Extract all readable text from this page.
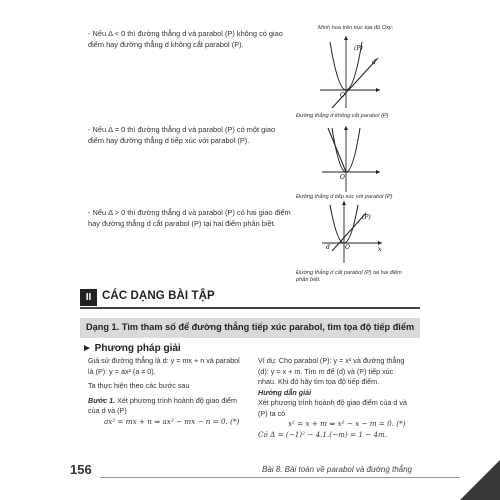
- Nếu Δ < 0 thì đường thẳng d và parabol (P) không có giao
điểm hay đường thẳng d không cắt parabol (P).
- Nếu Δ = 0 thì đường thẳng d và parabol (P) có một giao
điểm hay đường thẳng d tiếp xúc với parabol (P).
- Nếu Δ > 0 thì đường thẳng d và parabol (P) có hai giao điểm
hay đường thẳng d cắt parabol (P) tại hai điểm phân biệt.
Minh họa trên trục tọa độ Oxy:
Đường thẳng d không cắt parabol (P)
Đường thẳng d tiếp xúc với parabol (P)
Đường thẳng d cắt parabol (P) tại hai điểm
phân biệt.
(P)
d
O
O
(P)
d	O	x
II CÁC DẠNG BÀI TẬP
Dạng 1. Tìm tham số để đường thẳng tiếp xúc parabol, tìm tọa độ tiếp điểm
► Phương pháp giải
Giả sử đường thẳng là d: y = mx + n và parabol
là (P): y = ax² (a ≠ 0).
Ta thực hiện theo các bước sau
Bước 1. Xét phương trình hoành độ giao điểm
của d và (P)
ax² = mx + n ⇔ ax² − mx − n = 0. (*)
Ví dụ: Cho parabol (P): y = x² và đường thẳng
(d): y = x + m. Tìm m để (d) và (P) tiếp xúc
nhau. Khi đó hãy tìm tọa độ tiếp điểm.
Hướng dẫn giải
Xét phương trình hoành độ giao điểm của d và
(P) ta có
x² = x + m ⇔ x² − x − m = 0. (*)
Có Δ = (−1)² − 4.1.(−m) = 1 − 4m.
156	Bài 8. Bài toán về parabol và đường thẳng
